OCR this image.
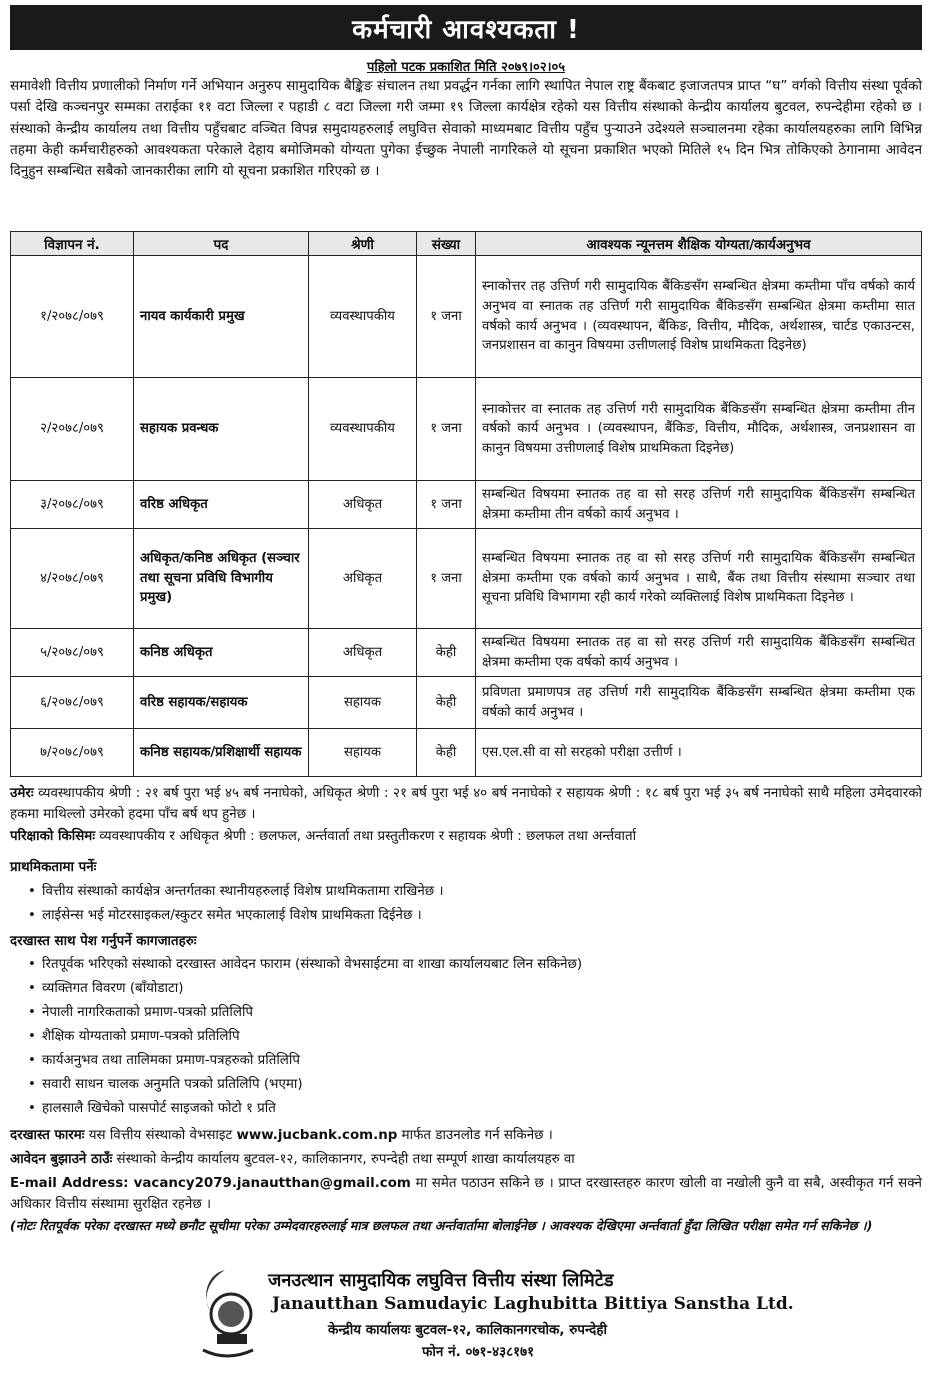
कर्मचारी आवश्यकता !
पहिलो पटक प्रकाशित मिति २०७९।०२।०५
समावेशी वित्तीय प्रणालीको निर्माण गर्ने अभियान अनुरुप सामुदायिक बैङ्किङ संचालन तथा प्रवर्द्धन गर्नका लागि स्थापित नेपाल राष्ट्र बैंकबाट इजाजतपत्र प्राप्त “घ” वर्गको वित्तीय संस्था पूर्वको पर्सा देखि कञ्चनपुर सम्मका तराईका ११ वटा जिल्ला र पहाडी ८ वटा जिल्ला गरी जम्मा १९ जिल्ला कार्यक्षेत्र रहेको यस वित्तीय संस्थाको केन्द्रीय कार्यालय बुटवल, रुपन्देहीमा रहेको छ । संस्थाको केन्द्रीय कार्यालय तथा वित्तीय पहुँचबाट वञ्चित विपन्न समुदायहरुलाई लघुवित्त सेवाको माध्यमबाट वित्तीय पहुँच पुऱ्याउने उदेश्यले सञ्चालनमा रहेका कार्यालयहरुका लागि विभिन्न तहमा केही कर्मचारीहरुको आवश्यकता परेकाले देहाय बमोजिमको योग्यता पुगेका ईच्छुक नेपाली नागरिकले यो सूचना प्रकाशित भएको मितिले १५ दिन भित्र तोकिएको ठेगानामा आवेदन दिनुहुन सम्बन्धित सबैको जानकारीका लागि यो सूचना प्रकाशित गरिएको छ ।
विज्ञापन नं.	पद	श्रेणी	संख्या	आवश्यक न्यूनत्तम शैक्षिक योग्यता/कार्यअनुभव
१/२०७८/०७९	नायव कार्यकारी प्रमुख	व्यवस्थापकीय	१ जना	स्नाकोत्तर तह उत्तिर्ण गरी सामुदायिक बैंकिङसँग सम्बन्धित क्षेत्रमा कम्तीमा पाँच वर्षको कार्य अनुभव वा स्नातक तह उत्तिर्ण गरी सामुदायिक बैंकिङसँग सम्बन्धित क्षेत्रमा कम्तीमा सात वर्षको कार्य अनुभव । (व्यवस्थापन, बैंकिङ, वित्तीय, मौदिक, अर्थशास्त्र, चार्टड एकाउन्टस, जनप्रशासन वा कानुन विषयमा उत्तीणलाई विशेष प्राथमिकता दिइनेछ)
२/२०७८/०७९	सहायक प्रवन्धक	व्यवस्थापकीय	१ जना	स्नाकोत्तर वा स्नातक तह उत्तिर्ण गरी सामुदायिक बैंकिङसँग सम्बन्धित क्षेत्रमा कम्तीमा तीन वर्षको कार्य अनुभव । (व्यवस्थापन, बैंकिङ, वित्तीय, मौदिक, अर्थशास्त्र, जनप्रशासन वा कानुन विषयमा उत्तीणलाई विशेष प्राथमिकता दिइनेछ)
३/२०७८/०७९	वरिष्ठ अधिकृत	अधिकृत	१ जना	सम्बन्धित विषयमा स्नातक तह वा सो सरह उत्तिर्ण गरी सामुदायिक बैंकिङसँग सम्बन्धित क्षेत्रमा कम्तीमा तीन वर्षको कार्य अनुभव ।
४/२०७८/०७९	अधिकृत/कनिष्ठ अधिकृत (सञ्चार तथा सूचना प्रविधि विभागीय प्रमुख)	अधिकृत	१ जना	सम्बन्धित विषयमा स्नातक तह वा सो सरह उत्तिर्ण गरी सामुदायिक बैंकिङसँग सम्बन्धित क्षेत्रमा कम्तीमा एक वर्षको कार्य अनुभव । साथै, बैंक तथा वित्तीय संस्थामा सञ्चार तथा सूचना प्रविधि विभागमा रही कार्य गरेको व्यक्तिलाई विशेष प्राथमिकता दिइनेछ ।
५/२०७८/०७९	कनिष्ठ अधिकृत	अधिकृत	केही	सम्बन्धित विषयमा स्नातक तह वा सो सरह उत्तिर्ण गरी सामुदायिक बैंकिङसँग सम्बन्धित क्षेत्रमा कम्तीमा एक वर्षको कार्य अनुभव ।
६/२०७८/०७९	वरिष्ठ सहायक/सहायक	सहायक	केही	प्रविणता प्रमाणपत्र तह उत्तिर्ण गरी सामुदायिक बैंकिङसँग सम्बन्धित क्षेत्रमा कम्तीमा एक वर्षको कार्य अनुभव ।
७/२०७८/०७९	कनिष्ठ सहायक/प्रशिक्षार्थी सहायक	सहायक	केही	एस.एल.सी वा सो सरहको परीक्षा उत्तीर्ण ।
उमेरः व्यवस्थापकीय श्रेणी : २१ बर्ष पुरा भई ४५ बर्ष ननाघेको, अधिकृत श्रेणी : २१ बर्ष पुरा भई ४० बर्ष ननाघेको र सहायक श्रेणी : १८ बर्ष पुरा भई ३५ बर्ष ननाघेको साथै महिला उमेदवारको हकमा माथिल्लो उमेरको हदमा पाँच बर्ष थप हुनेछ ।
परिक्षाको किसिमः व्यवस्थापकीय र अधिकृत श्रेणी : छलफल, अर्न्तवार्ता तथा प्रस्तुतीकरण र सहायक श्रेणी : छलफल तथा अर्न्तवार्ता
प्राथमिकतामा पर्नेः
• वित्तीय संस्थाको कार्यक्षेत्र अन्तर्गतका स्थानीयहरुलाई विशेष प्राथमिकतामा राखिनेछ ।
• लाईसेन्स भई मोटरसाइकल/स्कुटर समेत भएकालाई विशेष प्राथमिकता दिईनेछ ।
दरखास्त साथ पेश गर्नुपर्ने कागजातहरुः
• रितपूर्वक भरिएको संस्थाको दरखास्त आवेदन फाराम (संस्थाको वेभसाईटमा वा शाखा कार्यालयबाट लिन सकिनेछ)
• व्यक्तिगत विवरण (बाँयोडाटा)
• नेपाली नागरिकताको प्रमाण-पत्रको प्रतिलिपि
• शैक्षिक योग्यताको प्रमाण-पत्रको प्रतिलिपि
• कार्यअनुभव तथा तालिमका प्रमाण-पत्रहरुको प्रतिलिपि
• सवारी साधन चालक अनुमति पत्रको प्रतिलिपि (भएमा)
• हालसालै खिचेको पासपोर्ट साइजको फोटो १ प्रति
दरखास्त फारमः यस वित्तीय संस्थाको वेभसाइट www.jucbank.com.np मार्फत डाउनलोड गर्न सकिनेछ ।
आवेदन बुझाउने ठाउँः संस्थाको केन्द्रीय कार्यालय बुटवल-१२, कालिकानगर, रुपन्देही तथा सम्पूर्ण शाखा कार्यालयहरु वा
E-mail Address: vacancy2079.janautthan@gmail.com मा समेत पठाउन सकिने छ । प्राप्त दरखास्तहरु कारण खोली वा नखोली कुनै वा सबै, अस्वीकृत गर्न सक्ने अधिकार वित्तीय संस्थामा सुरक्षित रहनेछ ।
(नोटः रितपूर्वक परेका दरखास्त मध्ये छनौट सूचीमा परेका उम्मेदवारहरुलाई मात्र छलफल तथा अर्न्तवार्तामा बोलाईनेछ । आवश्यक देखिएमा अर्न्तवार्ता हुँदा लिखित परीक्षा समेत गर्न सकिनेछ ।)
जनउत्थान सामुदायिक लघुवित्त वित्तीय संस्था लिमिटेड
Janautthan Samudayic Laghubitta Bittiya Sanstha Ltd.
केन्द्रीय कार्यालयः बुटवल-१२, कालिकानगरचोक, रुपन्देही
फोन नं. ०७१-४३८१७१
